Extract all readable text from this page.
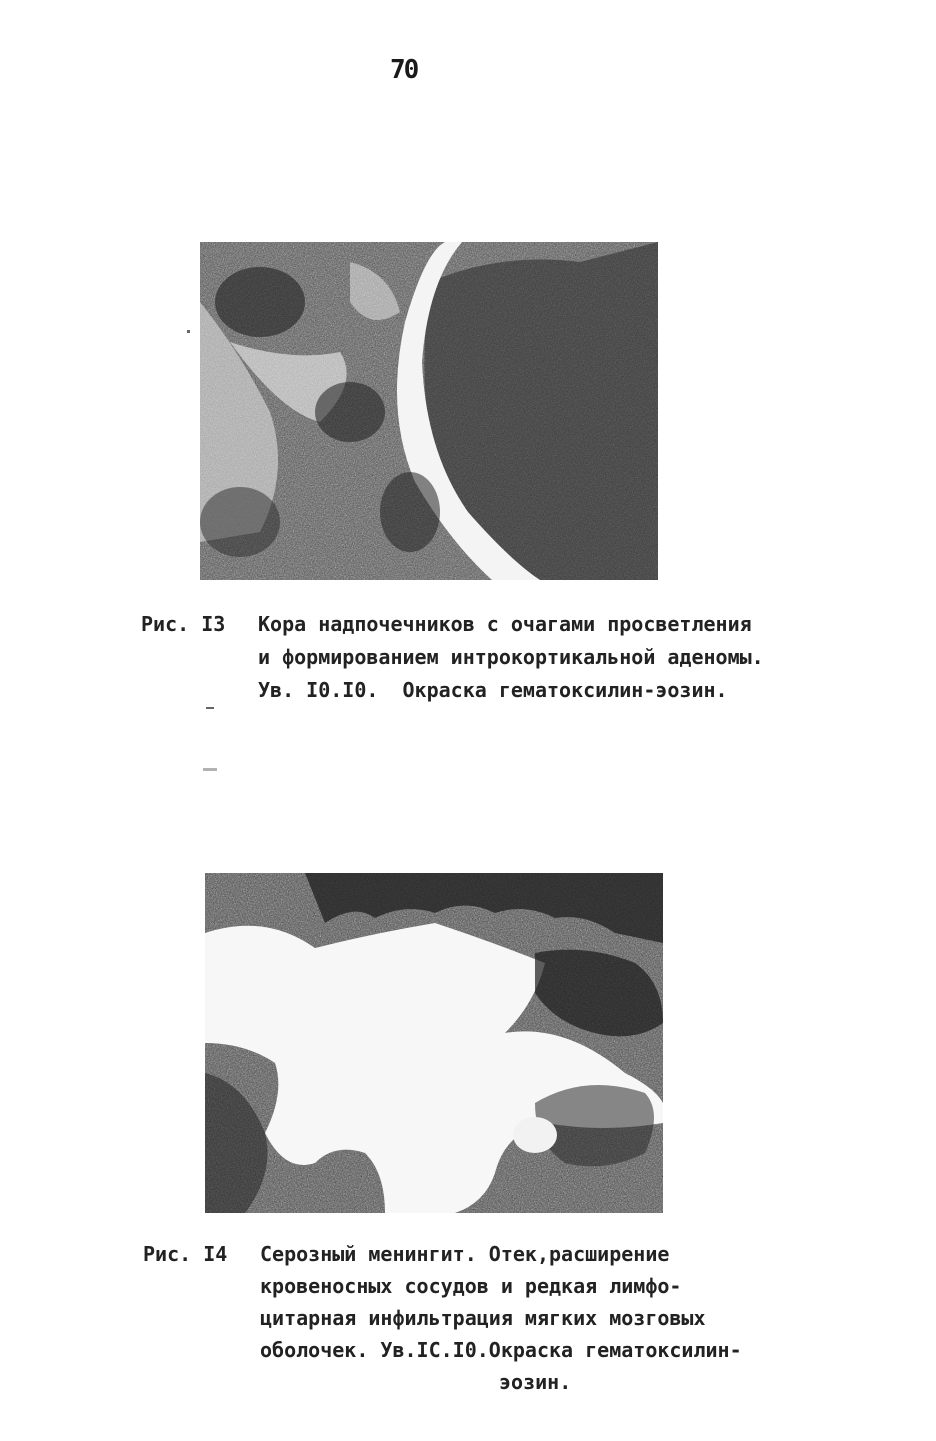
70
Рис. I3 Кора надпочечников с очагами просветления
и формированием интрокортикальной аденомы.
Ув. I0.I0.  Окраска гематоксилин-эозин.
Рис. I4 Серозный менингит. Отек,расширение
кровеносных сосудов и редкая лимфо-
цитарная инфильтрация мягких мозговых
оболочек. Ув.IC.I0.Окраска гематоксилин-
эозин.
